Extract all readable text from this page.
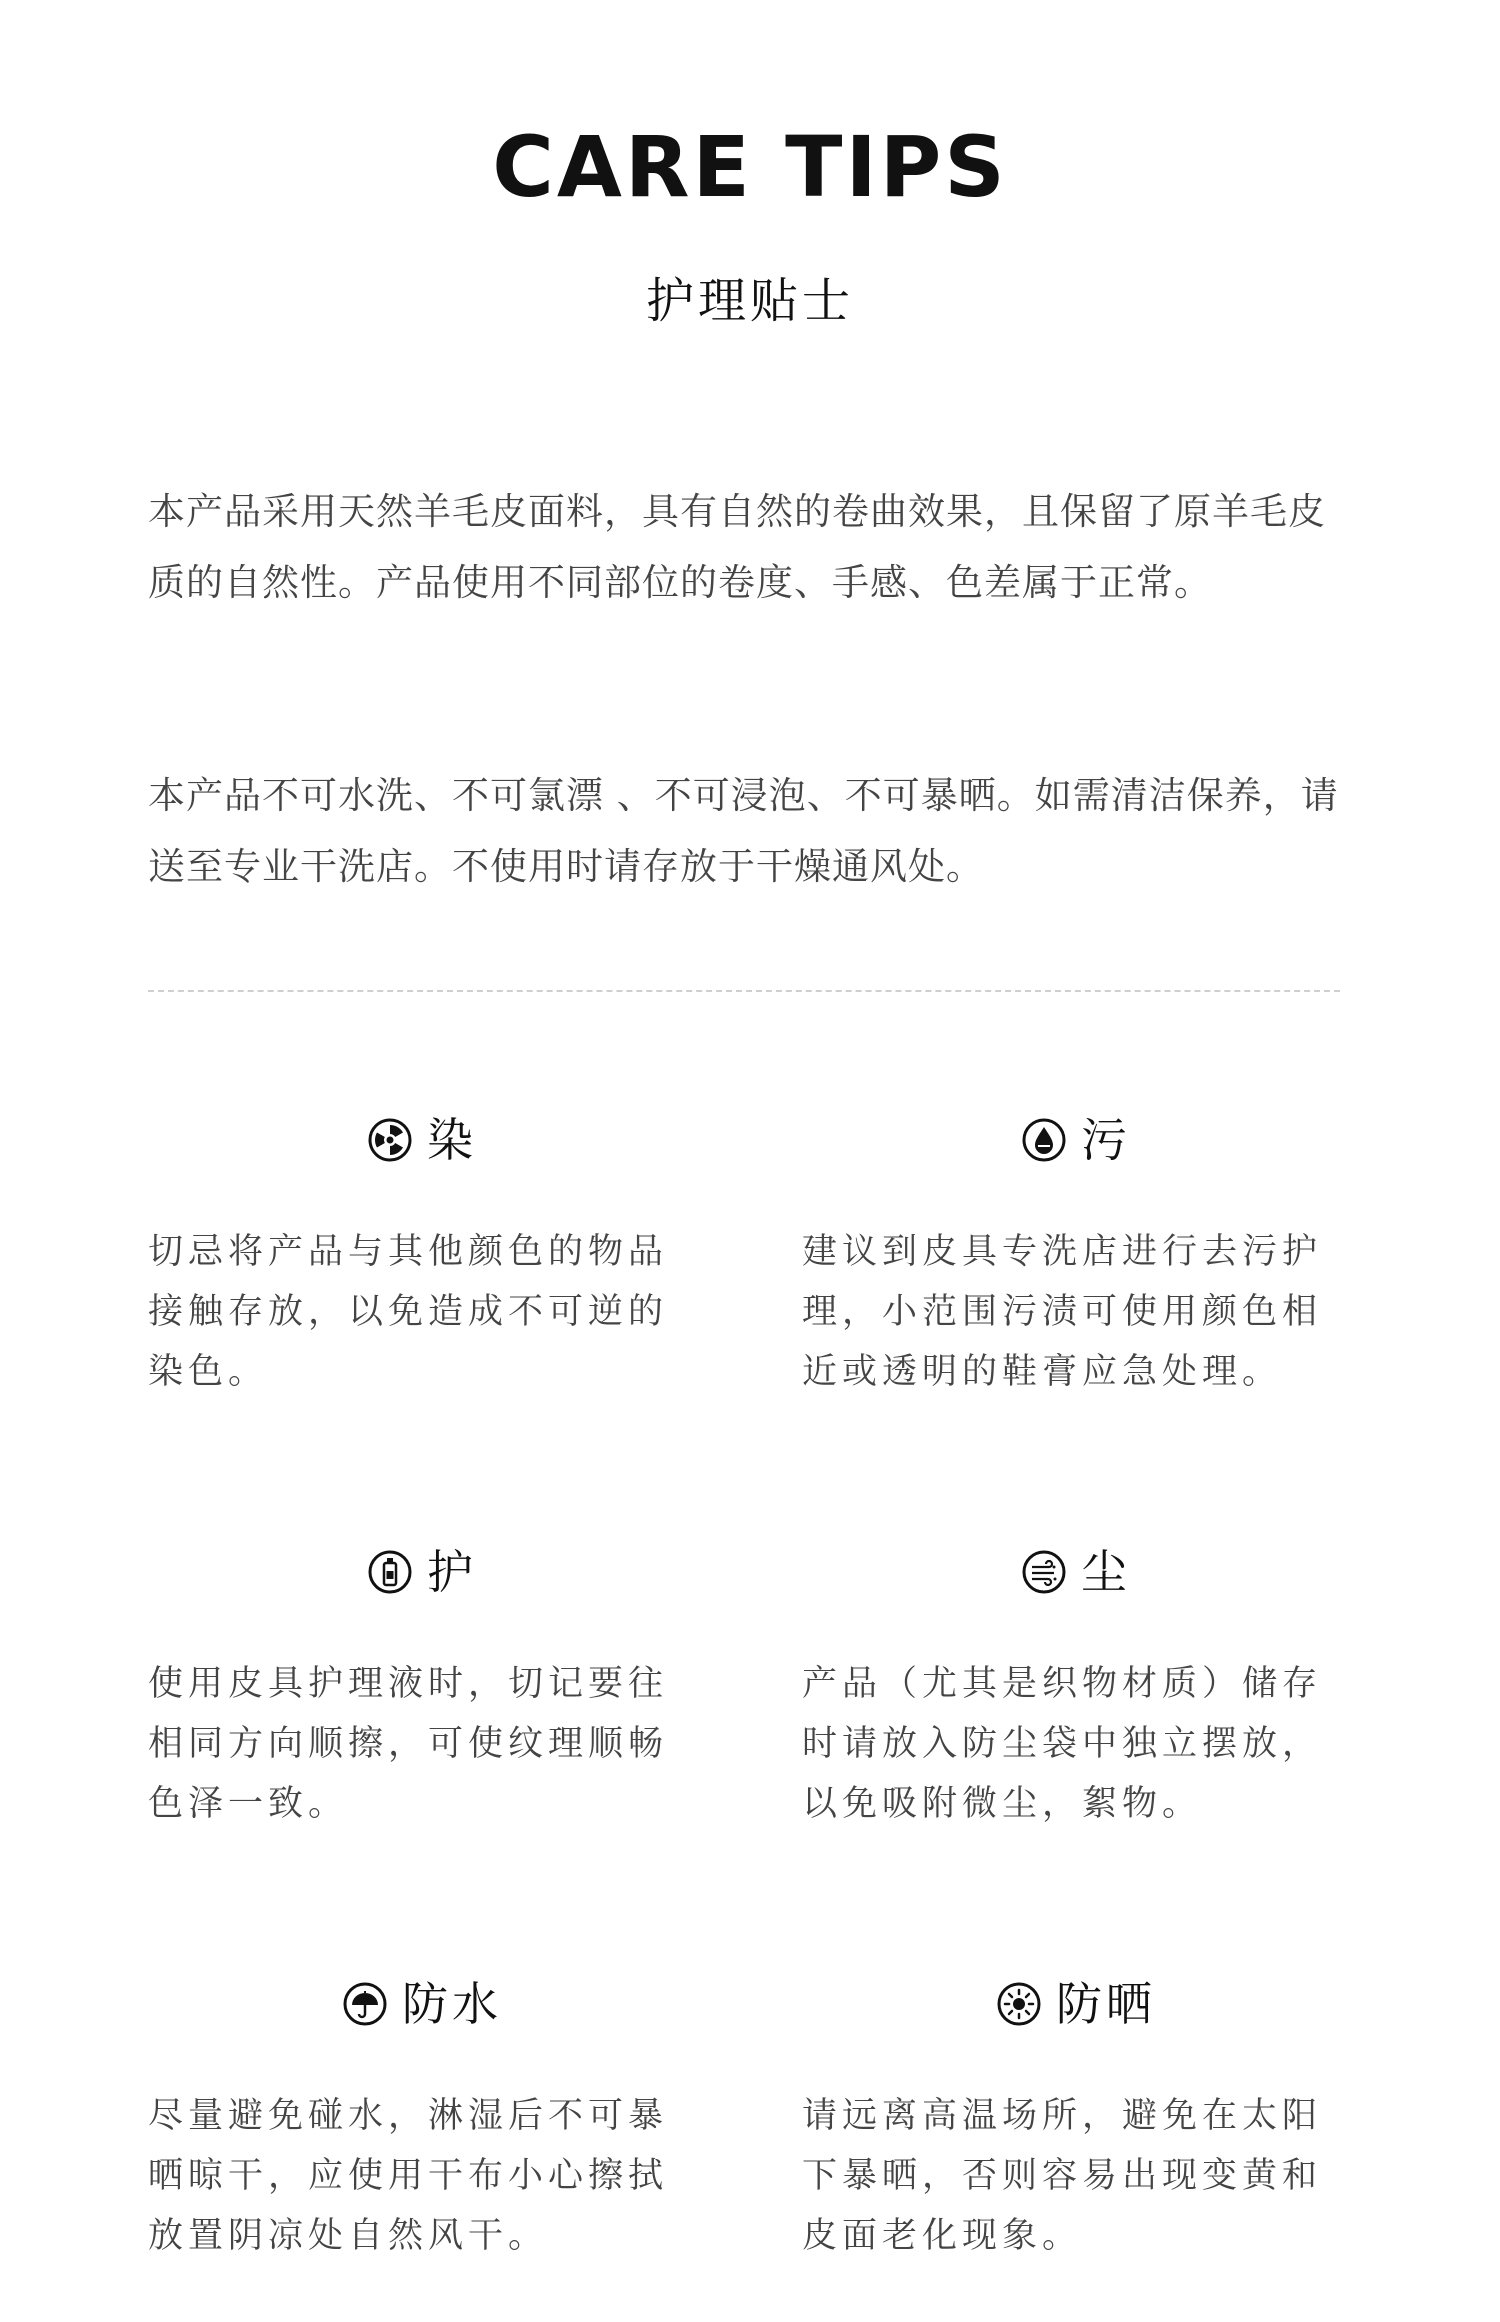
CARE TIPS
护理贴士

本产品采用天然羊毛皮面料，具有自然的卷曲效果，且保留了原羊毛皮质的自然性。产品使用不同部位的卷度、手感、色差属于正常。

本产品不可水洗、不可氯漂 、不可浸泡、不可暴晒。如需清洁保养，请送至专业干洗店。不使用时请存放于干燥通风处。

染
切忌将产品与其他颜色的物品接触存放，以免造成不可逆的染色。
污
建议到皮具专洗店进行去污护理，小范围污渍可使用颜色相近或透明的鞋膏应急处理。
护
使用皮具护理液时，切记要往相同方向顺擦，可使纹理顺畅色泽一致。
尘
产品（尤其是织物材质）储存时请放入防尘袋中独立摆放，以免吸附微尘，絮物。
防水
尽量避免碰水，淋湿后不可暴晒晾干，应使用干布小心擦拭放置阴凉处自然风干。
防晒
请远离高温场所，避免在太阳下暴晒，否则容易出现变黄和皮面老化现象。
